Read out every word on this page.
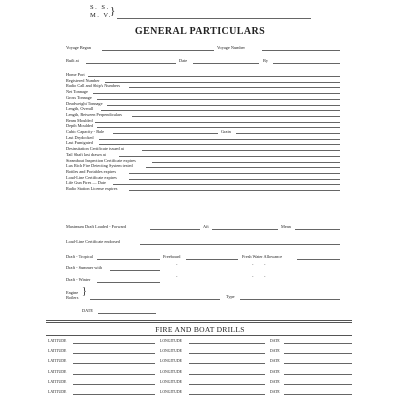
S. S.
M. V.
}
GENERAL PARTICULARS
Voyage Began	Voyage Number
Built at	Date	By
Home Port
Registered Number
Radio Call and Ship's Numbers
Net Tonnage
Gross Tonnage
Deadweight Tonnage
Length, Overall
Length, Between Perpendiculars
Beam Moulded
Depth Moulded
Cubic Capacity - Bale
Last Drydocked
Last Fumigated
Desinsitation Certificate issued at
Tail Shaft last drawn at
Steamboat Inspection Certificate expires
Lux Rich Fire Detecting System tested
Bottles and Portables expires
Load-Line Certificate expires
Life Gun Fires — Date
Radio Station License expires
Grain
Maximum Draft Loaded - Forward	Aft	Mean
Load-Line Certificate endorsed
Draft - Tropical	Freeboard	Fresh Water Allowance
Draft - Summer with
-	- -
Draft - Winter
-	- -
Engine
Boilers
}	Type
DATE
FIRE AND BOAT DRILLS
LATITUDE	LONGITUDE	DATE
LATITUDE	LONGITUDE	DATE
LATITUDE	LONGITUDE	DATE
LATITUDE	LONGITUDE	DATE
LATITUDE	LONGITUDE	DATE
LATITUDE	LONGITUDE	DATE
